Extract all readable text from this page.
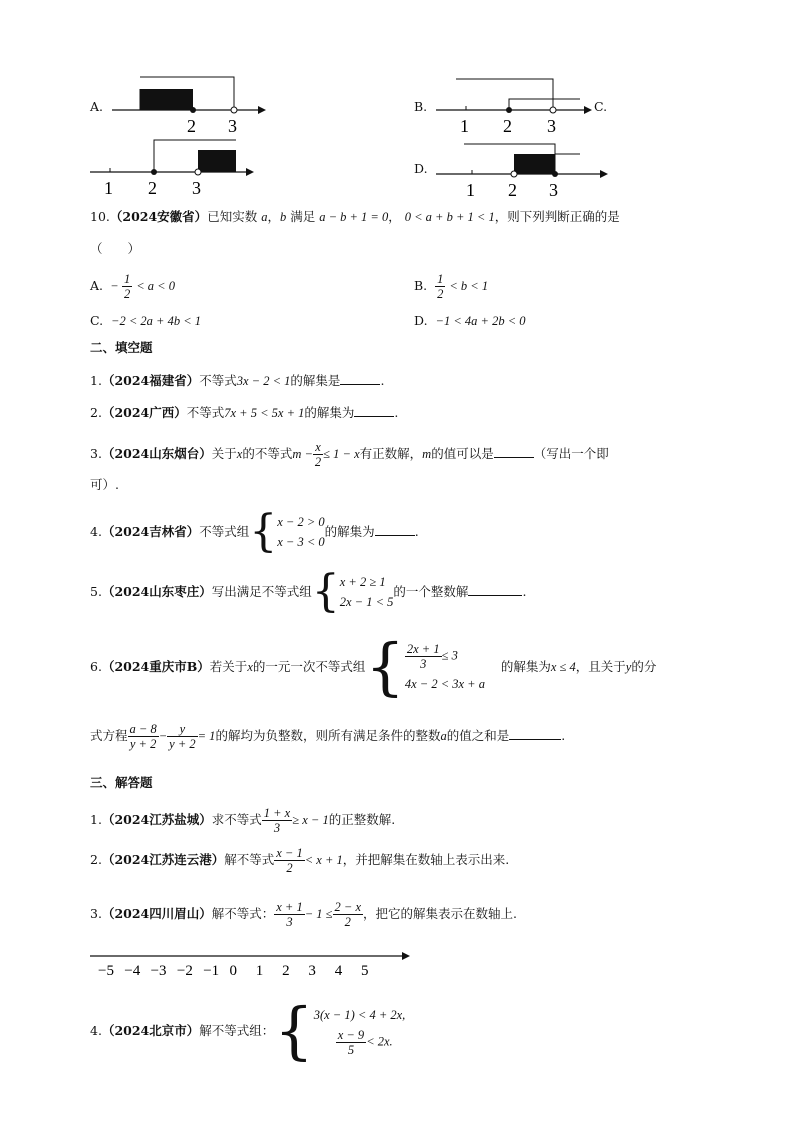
A.
2 3
1 2 3
B.
1 2 3
C.
D.
1 2 3
10.（2024安徽省）已知实数 a，b 满足 a − b + 1 = 0， 0 < a + b + 1 < 1，则下列判断正确的是
（　　）
A. − $\frac{1}{2} < a < 0$	B. $\frac{1}{2} < b < 1$
C. −2 < 2a + 4b < 1	D. −1 < 4a + 2b < 0
二、填空题
1.（2024福建省）不等式3x − 2 < 1的解集是	.
2.（2024广西）不等式7x + 5 < 5x + 1的解集为	.
3.（2024山东烟台）关于x的不等式$m - \frac{x}{2} \le 1 - x$有正数解，m的值可以是	（写出一个即
可）.
4.（2024吉林省）不等式组{ x − 2 > 0
x − 3 < 0
的解集为	.
5.（2024山东枣庄）写出满足不等式组{ x + 2 ≥ 1
2x − 1 < 5
的一个整数解	.
6.（2024重庆市B）若关于x的一元一次不等式组{ $\frac{2x + 1}{3} \le 3$
4x − 2 < 3x + a
的解集为x ≤ 4，且关于y的分
式方程 $\frac{a - 8}{y + 2} - \frac{y}{y + 2} = 1$的解均为负整数，则所有满足条件的整数a的值之和是	.
三、解答题
1.（2024江苏盐城）求不等式 $\frac{1 + x}{3} \ge x - 1$的正整数解.
2.（2024江苏连云港）解不等式 $\frac{x - 1}{2} < x + 1$，并把解集在数轴上表示出来.
3.（2024四川眉山）解不等式： $\frac{x + 1}{3} - 1 \le \frac{2 - x}{2}$ ，把它的解集表示在数轴上.
−5 −4 −3 −2 −1 0 1 2 3 4 5
4.（2024北京市）解不等式组：{ 3(x − 1) < 4 + 2x,
$\frac{x - 9}{5} < 2x$.
